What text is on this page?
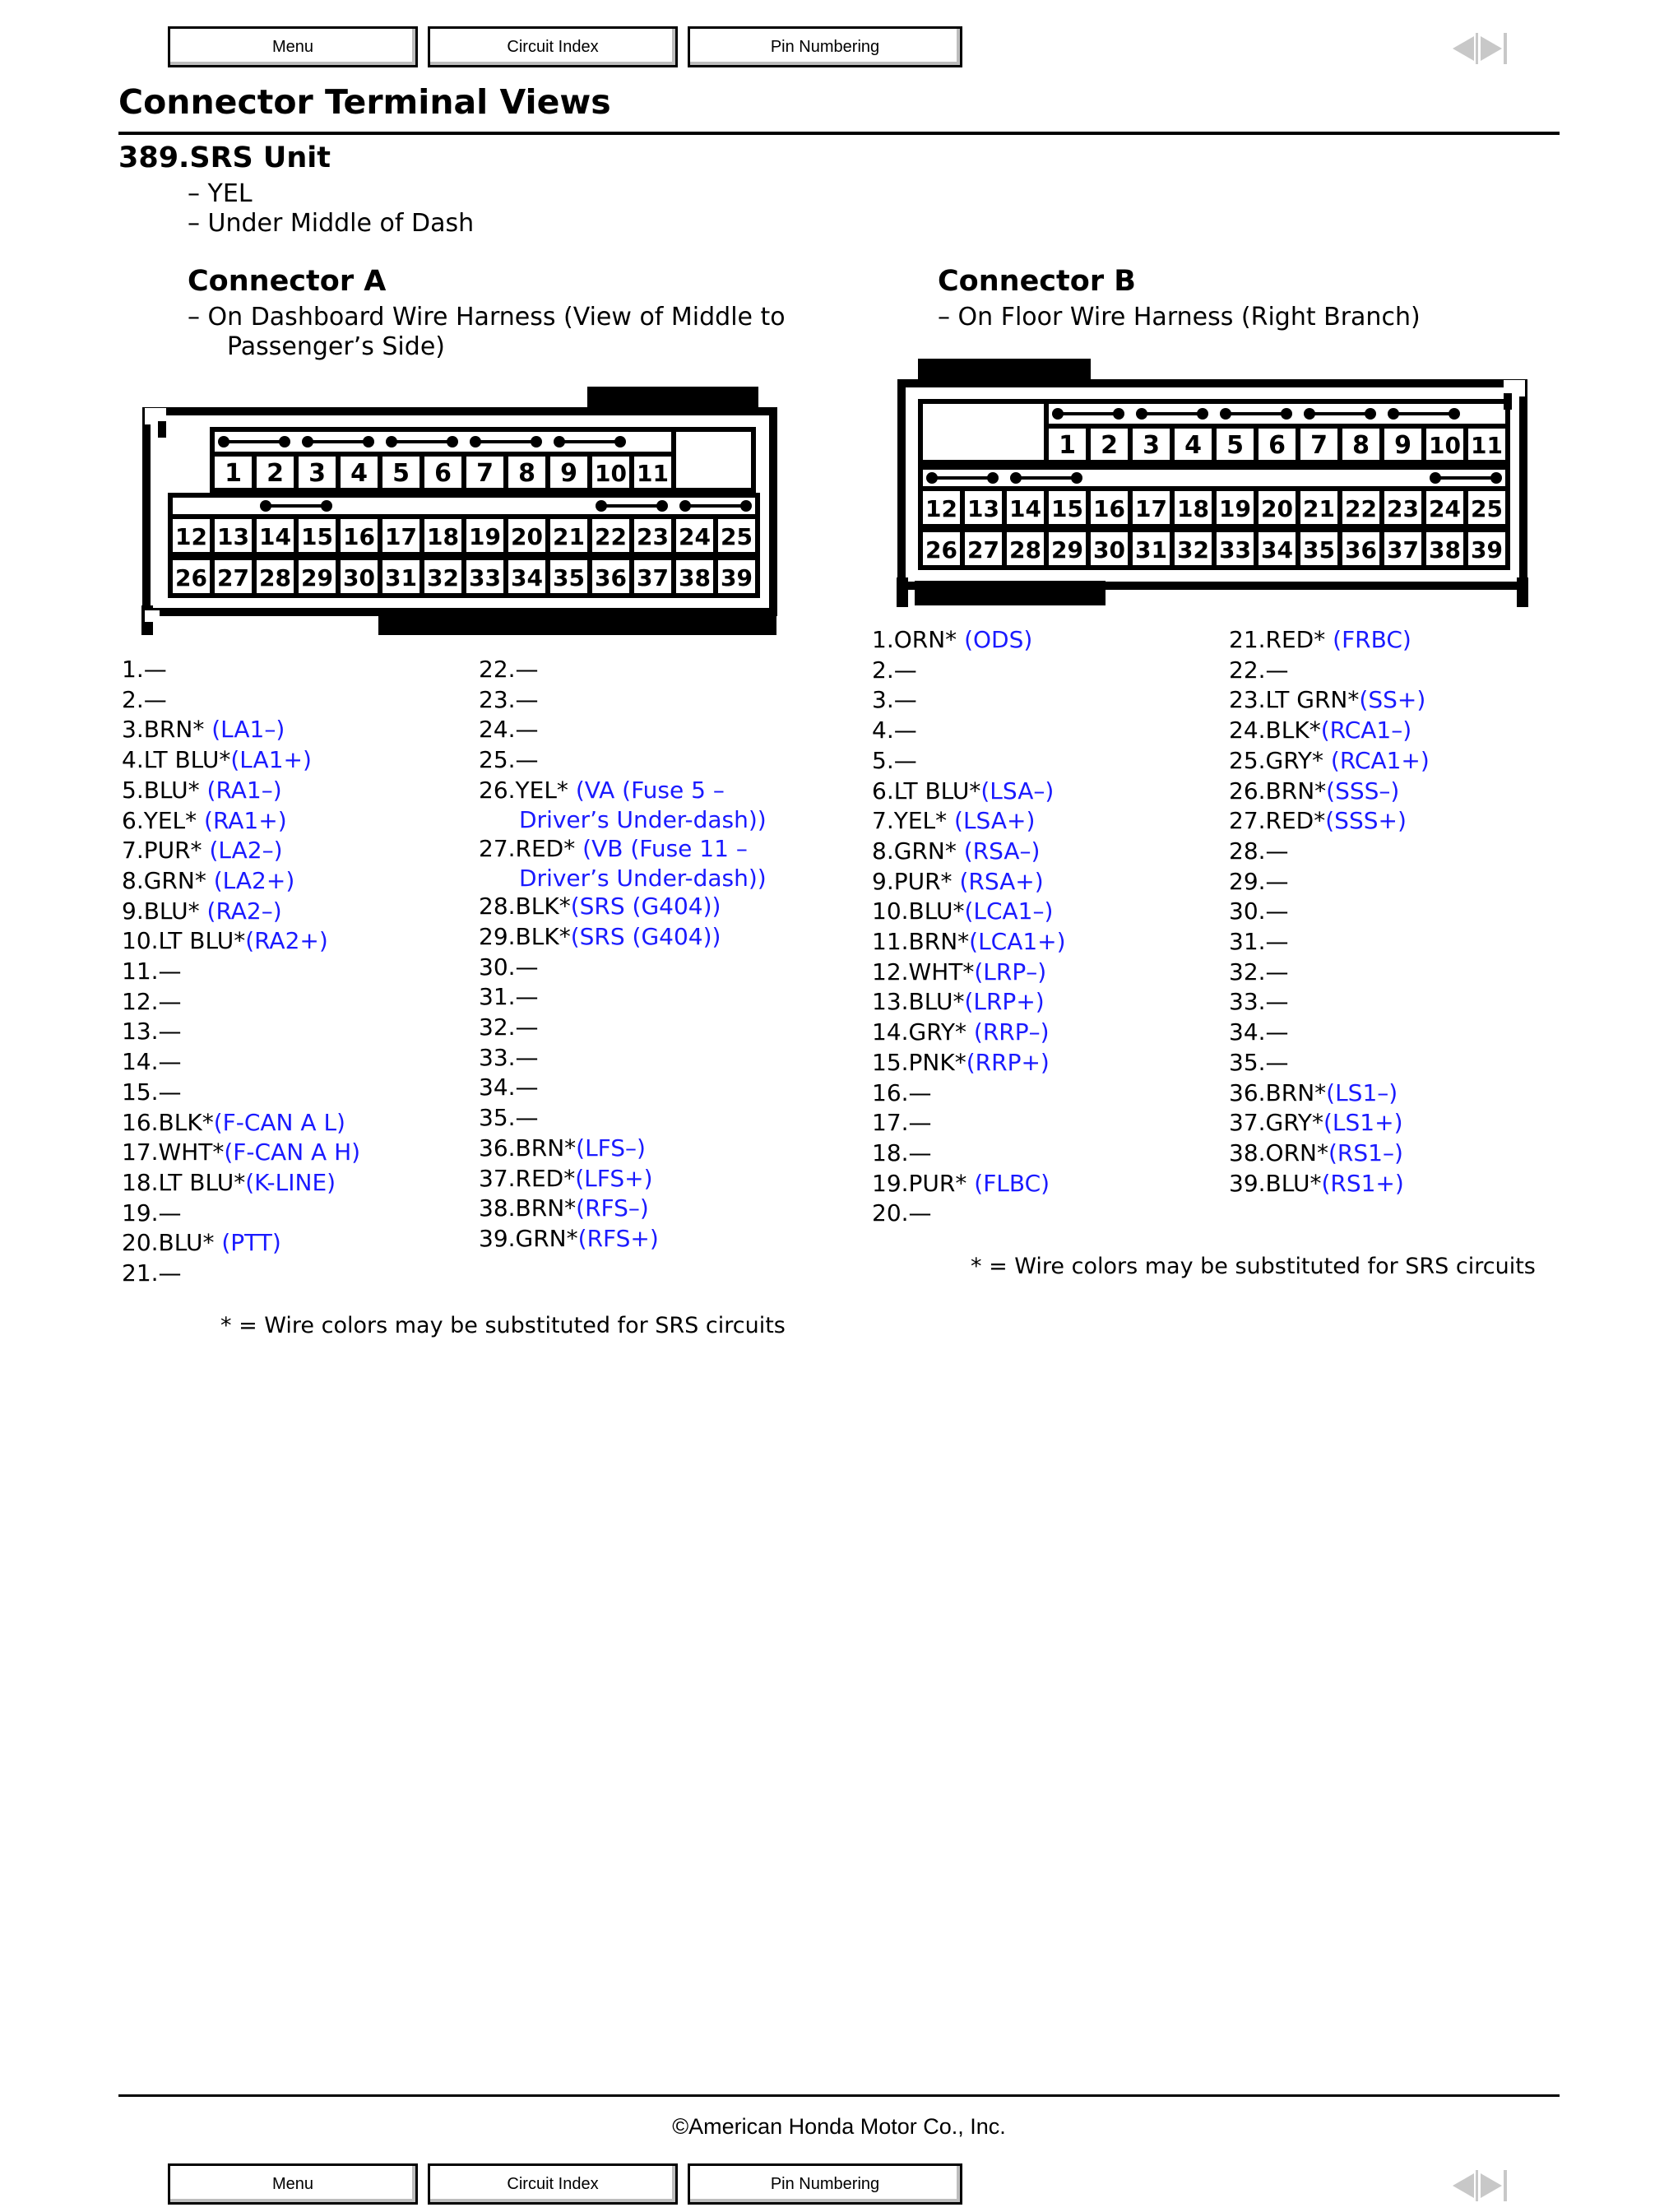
Menu	Circuit Index	Pin Numbering
Connector Terminal Views
389.SRS Unit
– YEL
– Under Middle of Dash
Connector A
– On Dashboard Wire Harness (View of Middle to
Passenger’s Side)
Connector B
– On Floor Wire Harness (Right Branch)
1 2 3 4 5 6 7 8 9 10 11
12 13 14 15 16 17 18 19 20 21 22 23 24 25
26 27 28 29 30 31 32 33 34 35 36 37 38 39
1 2 3 4 5 6 7 8 9 10 11
12 13 14 15 16 17 18 19 20 21 22 23 24 25
26 27 28 29 30 31 32 33 34 35 36 37 38 39
1.—
2.—
3.BRN* (LA1–)
4.LT BLU*(LA1+)
5.BLU* (RA1–)
6.YEL* (RA1+)
7.PUR* (LA2–)
8.GRN* (LA2+)
9.BLU* (RA2–)
10.LT BLU*(RA2+)
11.—
12.—
13.—
14.—
15.—
16.BLK*(F-CAN A L)
17.WHT*(F-CAN A H)
18.LT BLU*(K-LINE)
19.—
20.BLU* (PTT)
21.—
22.—
23.—
24.—
25.—
26.YEL* (VA (Fuse 5 –
Driver’s Under-dash))
27.RED* (VB (Fuse 11 –
Driver’s Under-dash))
28.BLK*(SRS (G404))
29.BLK*(SRS (G404))
30.—
31.—
32.—
33.—
34.—
35.—
36.BRN*(LFS–)
37.RED*(LFS+)
38.BRN*(RFS–)
39.GRN*(RFS+)
1.ORN* (ODS)
2.—
3.—
4.—
5.—
6.LT BLU*(LSA–)
7.YEL* (LSA+)
8.GRN* (RSA–)
9.PUR* (RSA+)
10.BLU*(LCA1–)
11.BRN*(LCA1+)
12.WHT*(LRP–)
13.BLU*(LRP+)
14.GRY* (RRP–)
15.PNK*(RRP+)
16.—
17.—
18.—
19.PUR* (FLBC)
20.—
21.RED* (FRBC)
22.—
23.LT GRN*(SS+)
24.BLK*(RCA1–)
25.GRY* (RCA1+)
26.BRN*(SSS–)
27.RED*(SSS+)
28.—
29.—
30.—
31.—
32.—
33.—
34.—
35.—
36.BRN*(LS1–)
37.GRY*(LS1+)
38.ORN*(RS1–)
39.BLU*(RS1+)
* = Wire colors may be substituted for SRS circuits
* = Wire colors may be substituted for SRS circuits
©American Honda Motor Co., Inc.
Menu	Circuit Index	Pin Numbering
